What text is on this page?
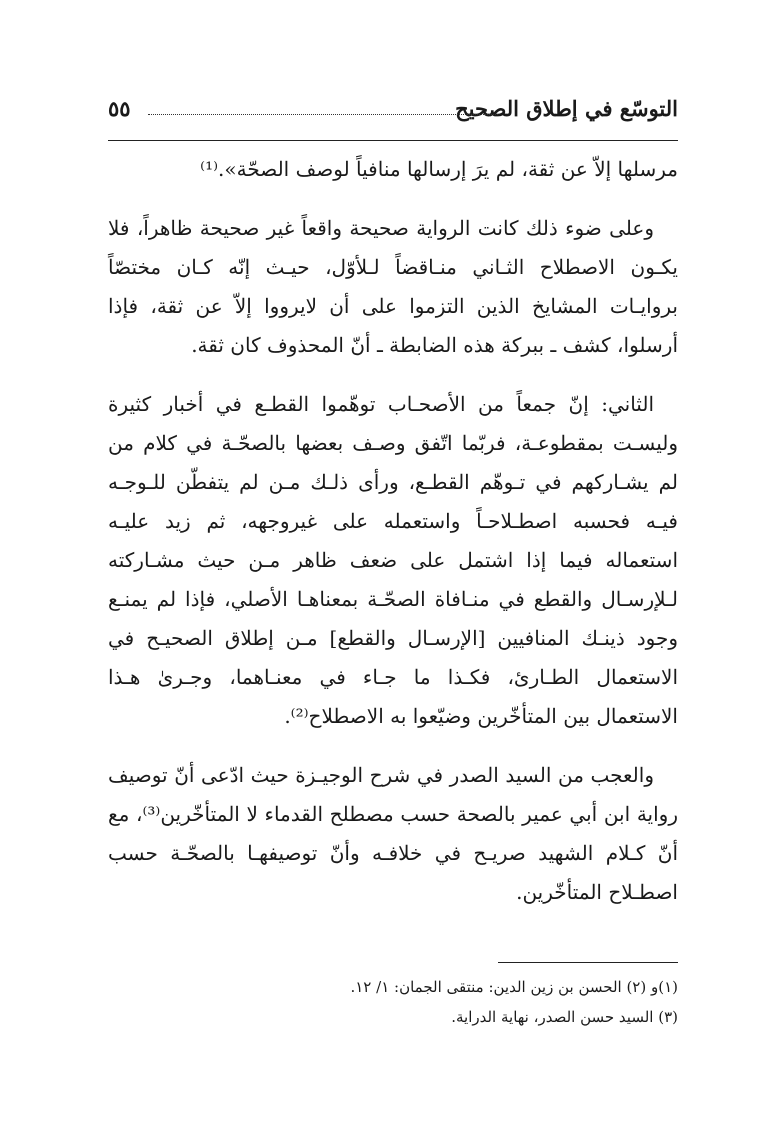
التوسّع في إطلاق الصحيح
٥٥

مرسلها إلاّ عن ثقة، لم يرَ إرسالها منافياً لوصف الصحّة».⁽¹⁾

وعلى ضوء ذلك كانت الرواية صحيحة واقعاً غير صحيحة ظاهراً، فلا يكـون الاصطلاح الثـاني منـاقضاً لـلأوّل، حيـث إنّه كـان مختصّاً بروايـات المشايخ الذين التزموا على أن لايرووا إلاّ عن ثقة، فإذا أرسلوا، كشف ـ ببركة هذه الضابطة ـ أنّ المحذوف كان ثقة.

الثاني: إنّ جمعاً من الأصحـاب توهّموا القطـع في أخبار كثيرة وليسـت بمقطوعـة، فربّما اتّفق وصـف بعضها بالصحّـة في كلام من لم يشـاركهم في تـوهّم القطـع، ورأى ذلـك مـن لم يتفطّن للـوجـه فيـه فحسبه اصطـلاحـاً واستعمله على غيروجهه، ثم زيد عليـه استعماله فيما إذا اشتمل على ضعف ظاهر مـن حيث مشـاركته لـلإرسـال والقطع في منـافاة الصحّـة بمعناهـا الأصلي، فإذا لم يمنـع وجود ذينـك المنافيين [الإرسـال والقطع] مـن إطلاق الصحيـح في الاستعمال الطـارئ، فكـذا ما جـاء في معنـاهما، وجـرىٰ هـذا الاستعمال بين المتأخّرين وضيّعوا به الاصطلاح⁽²⁾.

والعجب من السيد الصدر في شرح الوجيـزة حيث ادّعى أنّ توصيف رواية ابن أبي عمير بالصحة حسب مصطلح القدماء لا المتأخّرين⁽³⁾، مع أنّ كـلام الشهيد صريـح في خلافـه وأنّ توصيفهـا بالصحّـة حسب اصطـلاح المتأخّرين.

(١)و (٢) الحسن بن زين الدين: منتقى الجمان: ١/ ١٢.
(٣) السيد حسن الصدر، نهاية الدراية.
